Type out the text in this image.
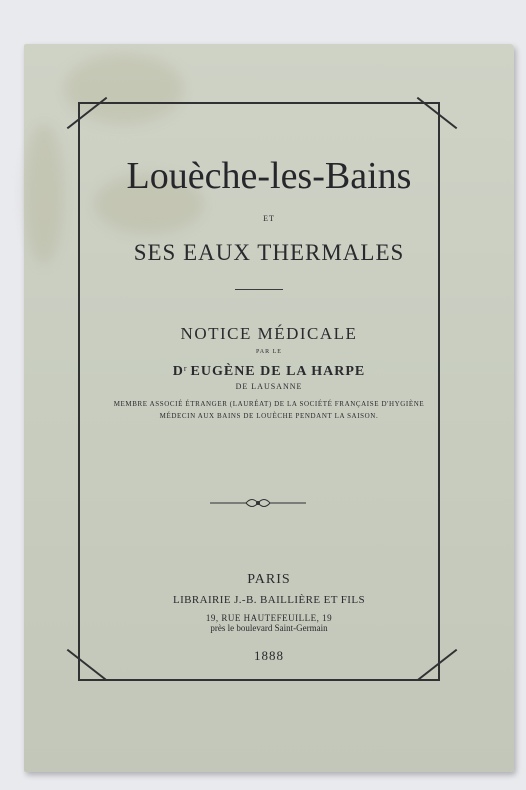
Louèche-les-Bains
ET
SES EAUX THERMALES
NOTICE MÉDICALE
PAR LE
$D^r$ EUGÈNE DE LA HARPE
DE LAUSANNE
MEMBRE ASSOCIÉ ÉTRANGER (LAURÉAT) DE LA SOCIÉTÉ FRANÇAISE D'HYGIÈNE
MÉDECIN AUX BAINS DE LOUÈCHE PENDANT LA SAISON.
PARIS
LIBRAIRIE J.-B. BAILLIÈRE ET FILS
19, RUE HAUTEFEUILLE, 19
près le boulevard Saint-Germain
1888
